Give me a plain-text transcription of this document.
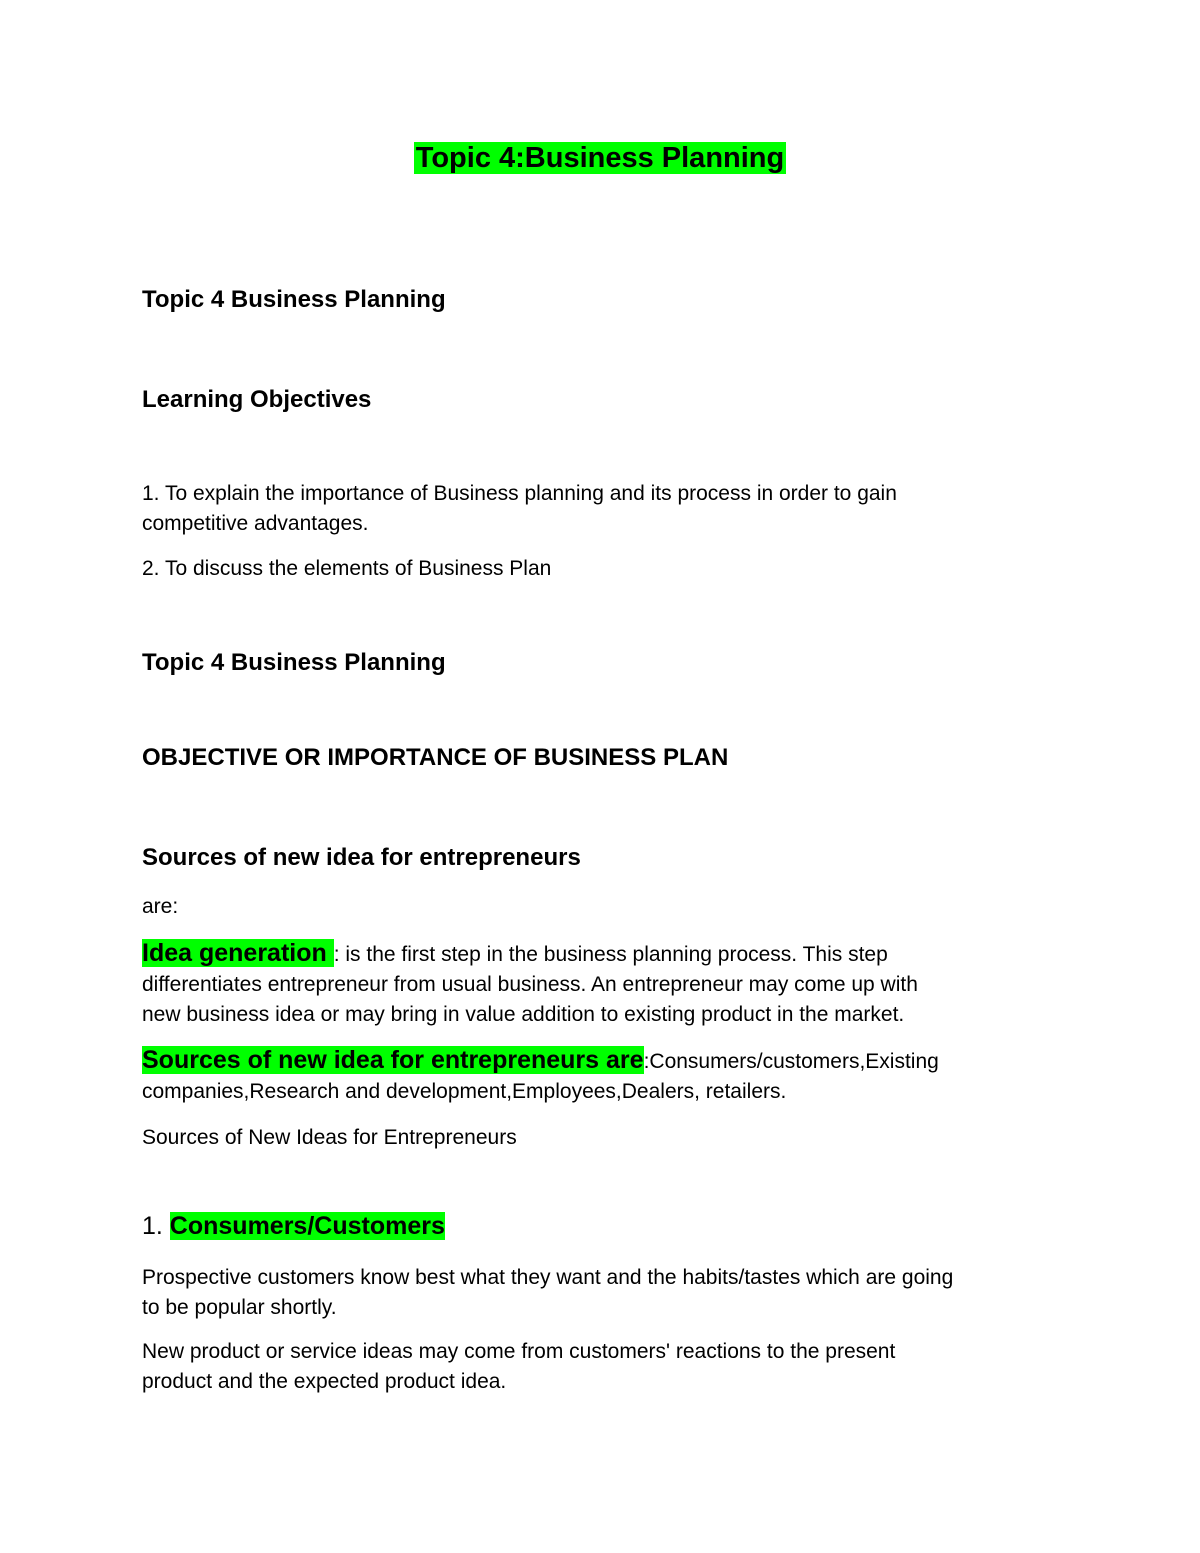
Topic 4:Business Planning
Topic 4 Business Planning
Learning Objectives
1. To explain the importance of Business planning and its process in order to gain
competitive advantages.
2. To discuss the elements of Business Plan
Topic 4 Business Planning
OBJECTIVE OR IMPORTANCE OF BUSINESS PLAN
Sources of new idea for entrepreneurs
are:
Idea generation : is the first step in the business planning process. This step
differentiates entrepreneur from usual business. An entrepreneur may come up with
new business idea or may bring in value addition to existing product in the market.
Sources of new idea for entrepreneurs are:Consumers/customers,Existing
companies,Research and development,Employees,Dealers, retailers.
Sources of New Ideas for Entrepreneurs
1. Consumers/Customers
Prospective customers know best what they want and the habits/tastes which are going
to be popular shortly.
New product or service ideas may come from customers' reactions to the present
product and the expected product idea.
